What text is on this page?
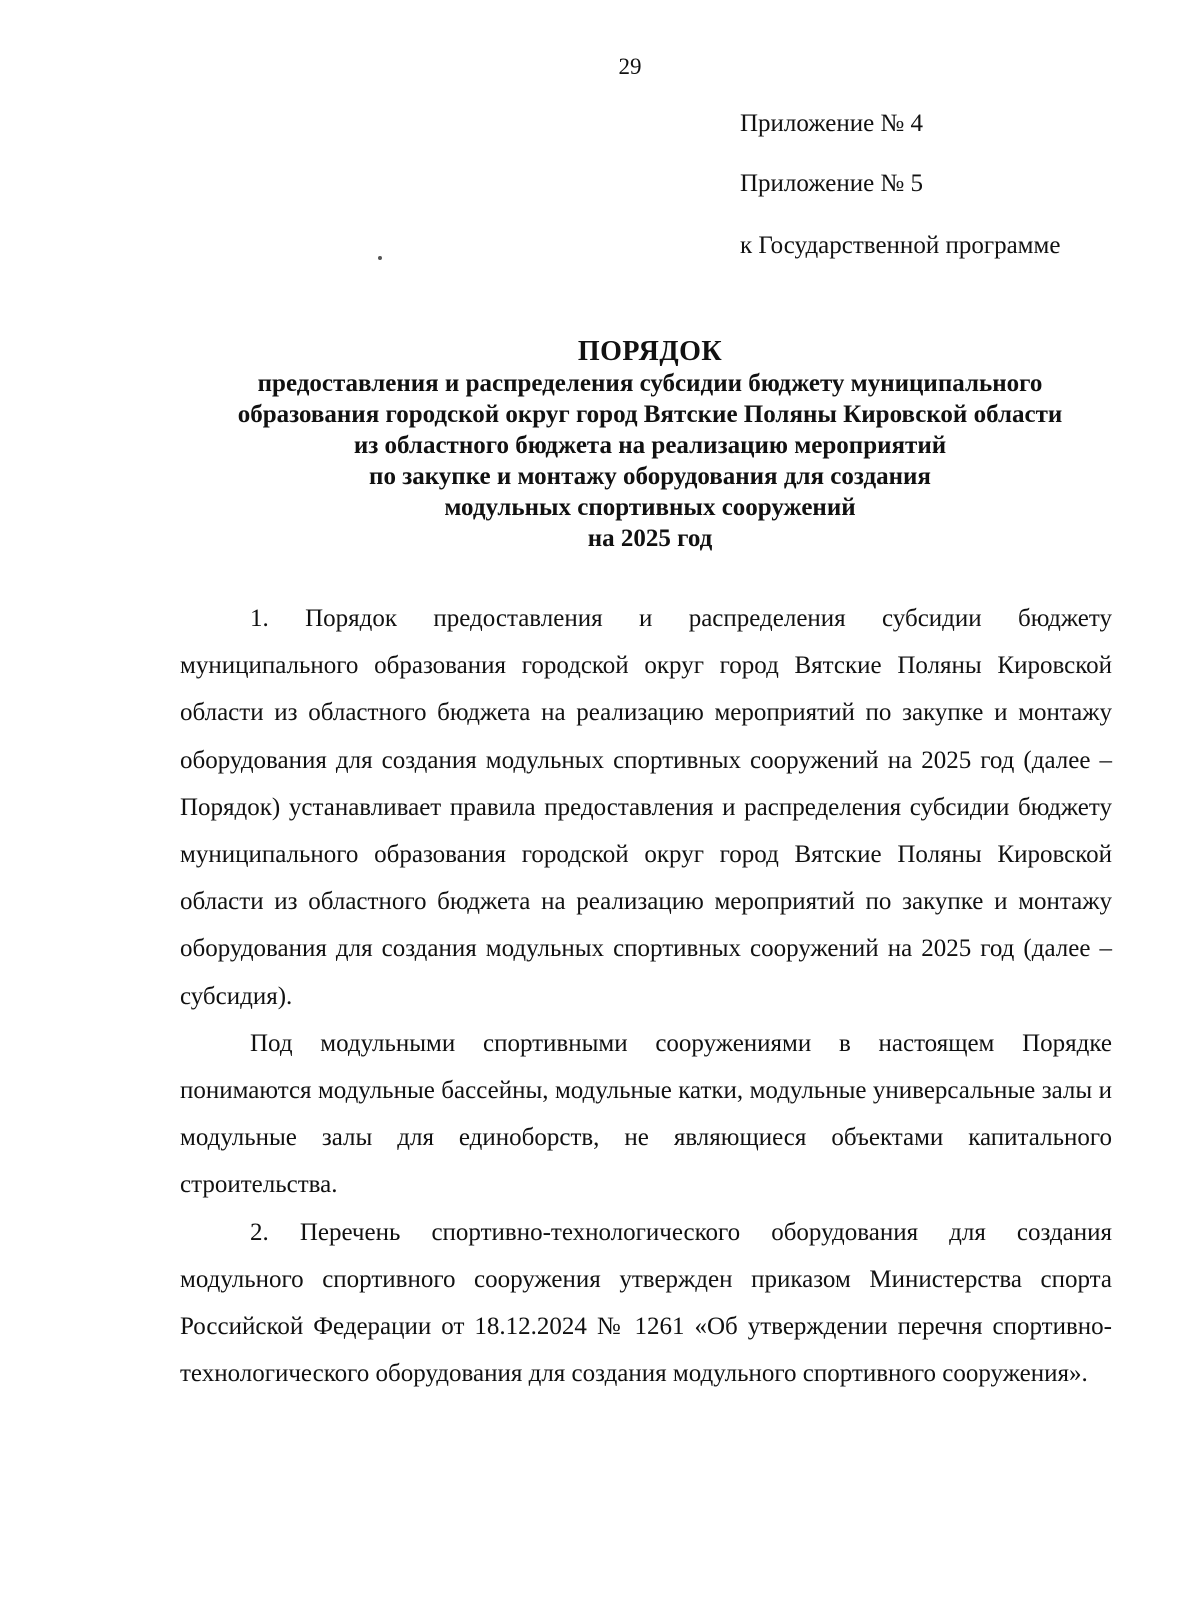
29
Приложение № 4
Приложение № 5
к Государственной программе
ПОРЯДОК
предоставления и распределения субсидии бюджету муниципального
образования городской округ город Вятские Поляны Кировской области
из областного бюджета на реализацию мероприятий
по закупке и монтажу оборудования для создания
модульных спортивных сооружений
на 2025 год

1. Порядок предоставления и распределения субсидии бюджету муниципального образования городской округ город Вятские Поляны Кировской области из областного бюджета на реализацию мероприятий по закупке и монтажу оборудования для создания модульных спортивных сооружений на 2025 год (далее – Порядок) устанавливает правила предоставления и распределения субсидии бюджету муниципального образования городской округ город Вятские Поляны Кировской области из областного бюджета на реализацию мероприятий по закупке и монтажу оборудования для создания модульных спортивных сооружений на 2025 год (далее – субсидия).

Под модульными спортивными сооружениями в настоящем Порядке понимаются модульные бассейны, модульные катки, модульные универсальные залы и модульные залы для единоборств, не являющиеся объектами капитального строительства.

2. Перечень спортивно-технологического оборудования для создания модульного спортивного сооружения утвержден приказом Министерства спорта Российской Федерации от 18.12.2024 № 1261 «Об утверждении перечня спортивно-технологического оборудования для создания модульного спортивного сооружения».
